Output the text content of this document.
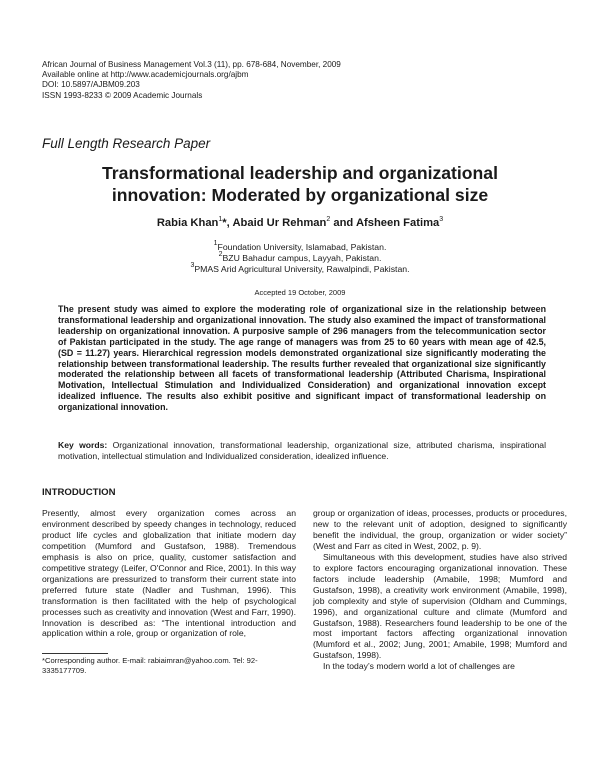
African Journal of Business Management Vol.3 (11), pp. 678-684, November, 2009
Available online at http://www.academicjournals.org/ajbm
DOI: 10.5897/AJBM09.203
ISSN 1993-8233 © 2009 Academic Journals
Full Length Research Paper
Transformational leadership and organizational
innovation: Moderated by organizational size
Rabia Khan$^1$*, Abaid Ur Rehman$^2$ and Afsheen Fatima$^3$
$^1$Foundation University, Islamabad, Pakistan.
$^2$BZU Bahadur campus, Layyah, Pakistan.
$^3$PMAS Arid Agricultural University, Rawalpindi, Pakistan.
Accepted 19 October, 2009
The present study was aimed to explore the moderating role of organizational size in the relationship between transformational leadership and organizational innovation. The study also examined the impact of transformational leadership on organizational innovation. A purposive sample of 296 managers from the telecommunication sector of Pakistan participated in the study. The age range of managers was from 25 to 60 years with mean age of 42.5, (SD = 11.27) years. Hierarchical regression models demonstrated organizational size significantly moderating the relationship between transformational leadership. The results further revealed that organizational size significantly moderated the relationship between all facets of transformational leadership (Attributed Charisma, Inspirational Motivation, Intellectual Stimulation and Individualized Consideration) and organizational innovation except idealized influence. The results also exhibit positive and significant impact of transformational leadership on organizational innovation.
Key words: Organizational innovation, transformational leadership, organizational size, attributed charisma, inspirational motivation, intellectual stimulation and Individualized consideration, idealized influence.
INTRODUCTION

Presently, almost every organization comes across an environment described by speedy changes in technology, reduced product life cycles and globalization that initiate modern day competition (Mumford and Gustafson, 1988). Tremendous emphasis is also on price, quality, customer satisfaction and competitive strategy (Leifer, O'Connor and Rice, 2001). In this way organizations are pressurized to transform their current state into preferred future state (Nadler and Tushman, 1996). This transformation is then facilitated with the help of psychological processes such as creativity and innovation (West and Farr, 1990). Innovation is described as: “The intentional introduction and application within a role, group or organization of role,

group or organization of ideas, processes, products or procedures, new to the relevant unit of adoption, designed to significantly benefit the individual, the group, organization or wider society” (West and Farr as cited in West, 2002, p. 9).

Simultaneous with this development, studies have also strived to explore factors encouraging organizational innovation. These factors include leadership (Amabile, 1998; Mumford and Gustafson, 1998), a creativity work environment (Amabile, 1998), job complexity and style of supervision (Oldham and Cummings, 1996), and organizational culture and climate (Mumford and Gustafson, 1988). Researchers found leadership to be one of the most important factors affecting organizational innovation (Mumford et al., 2002; Jung, 2001; Amabile, 1998; Mumford and Gustafson, 1998).

In the today’s modern world a lot of challenges are

*Corresponding author. E-mail: rabiaimran@yahoo.com. Tel: 92-3335177709.
